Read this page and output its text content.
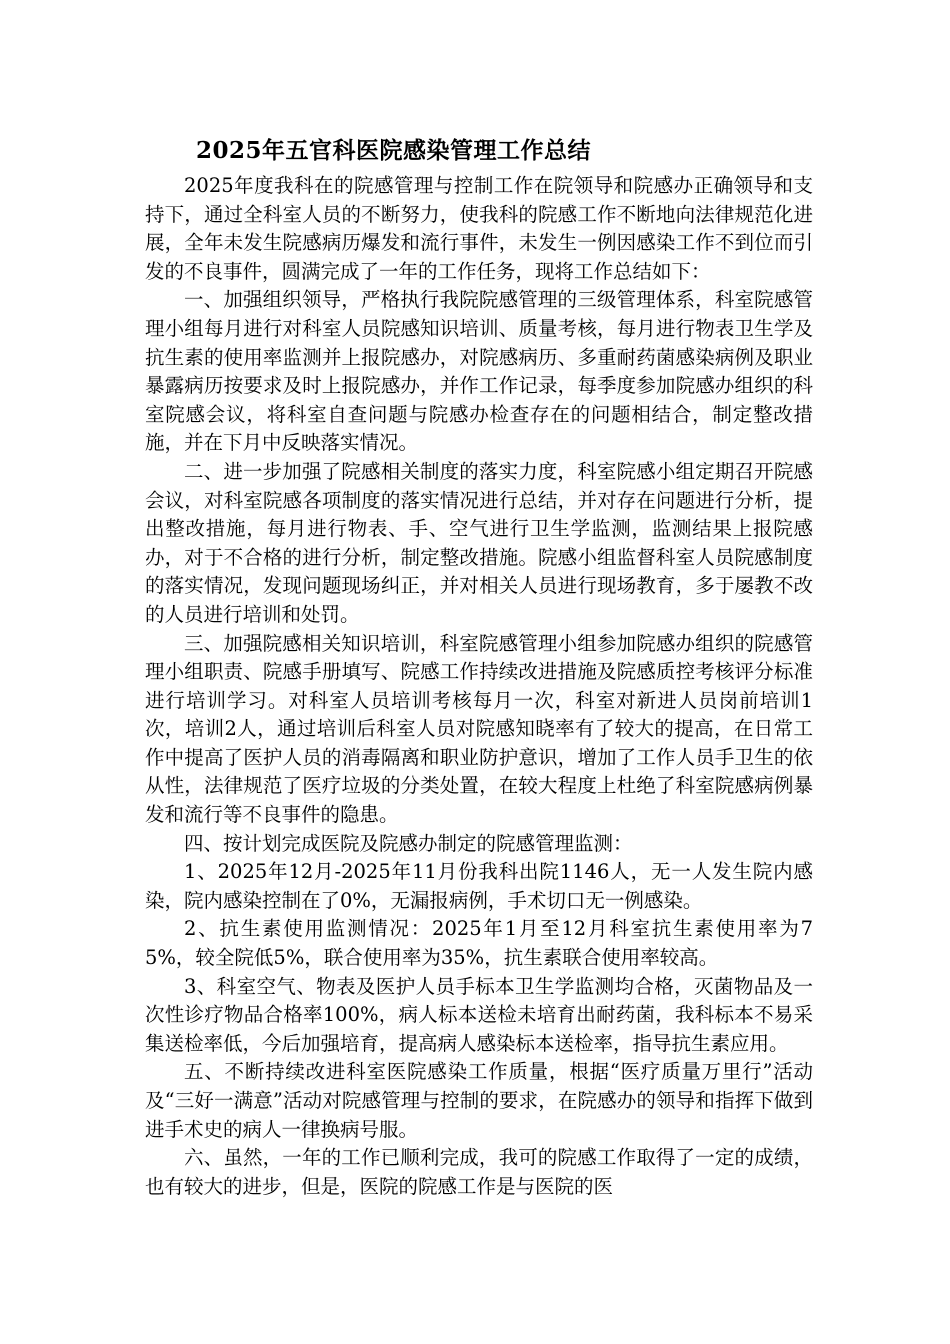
2025年五官科医院感染管理工作总结

2025年度我科在的院感管理与控制工作在院领导和院感办正确领导和支持下，通过全科室人员的不断努力，使我科的院感工作不断地向法律规范化进展，全年未发生院感病历爆发和流行事件，未发生一例因感染工作不到位而引发的不良事件，圆满完成了一年的工作任务，现将工作总结如下：

一、加强组织领导，严格执行我院院感管理的三级管理体系，科室院感管理小组每月进行对科室人员院感知识培训、质量考核，每月进行物表卫生学及抗生素的使用率监测并上报院感办，对院感病历、多重耐药菌感染病例及职业暴露病历按要求及时上报院感办，并作工作记录，每季度参加院感办组织的科室院感会议，将科室自查问题与院感办检查存在的问题相结合，制定整改措施，并在下月中反映落实情况。

二、进一步加强了院感相关制度的落实力度，科室院感小组定期召开院感会议，对科室院感各项制度的落实情况进行总结，并对存在问题进行分析，提出整改措施，每月进行物表、手、空气进行卫生学监测，监测结果上报院感办，对于不合格的进行分析，制定整改措施。院感小组监督科室人员院感制度的落实情况，发现问题现场纠正，并对相关人员进行现场教育，多于屡教不改的人员进行培训和处罚。

三、加强院感相关知识培训，科室院感管理小组参加院感办组织的院感管理小组职责、院感手册填写、院感工作持续改进措施及院感质控考核评分标准进行培训学习。对科室人员培训考核每月一次，科室对新进人员岗前培训1次，培训2人，通过培训后科室人员对院感知晓率有了较大的提高，在日常工作中提高了医护人员的消毒隔离和职业防护意识，增加了工作人员手卫生的依从性，法律规范了医疗垃圾的分类处置，在较大程度上杜绝了科室院感病例暴发和流行等不良事件的隐患。

四、按计划完成医院及院感办制定的院感管理监测：

1、2025年12月-2025年11月份我科出院1146人，无一人发生院内感染，院内感染控制在了0%，无漏报病例，手术切口无一例感染。

2、抗生素使用监测情况：2025年1月至12月科室抗生素使用率为75%，较全院低5%，联合使用率为35%，抗生素联合使用率较高。

3、科室空气、物表及医护人员手标本卫生学监测均合格，灭菌物品及一次性诊疗物品合格率100%，病人标本送检未培育出耐药菌，我科标本不易采集送检率低，今后加强培育，提高病人感染标本送检率，指导抗生素应用。

五、不断持续改进科室医院感染工作质量，根据“医疗质量万里行”活动及“三好一满意”活动对院感管理与控制的要求，在院感办的领导和指挥下做到进手术史的病人一律换病号服。

六、虽然，一年的工作已顺利完成，我可的院感工作取得了一定的成绩，也有较大的进步，但是，医院的院感工作是与医院的医
